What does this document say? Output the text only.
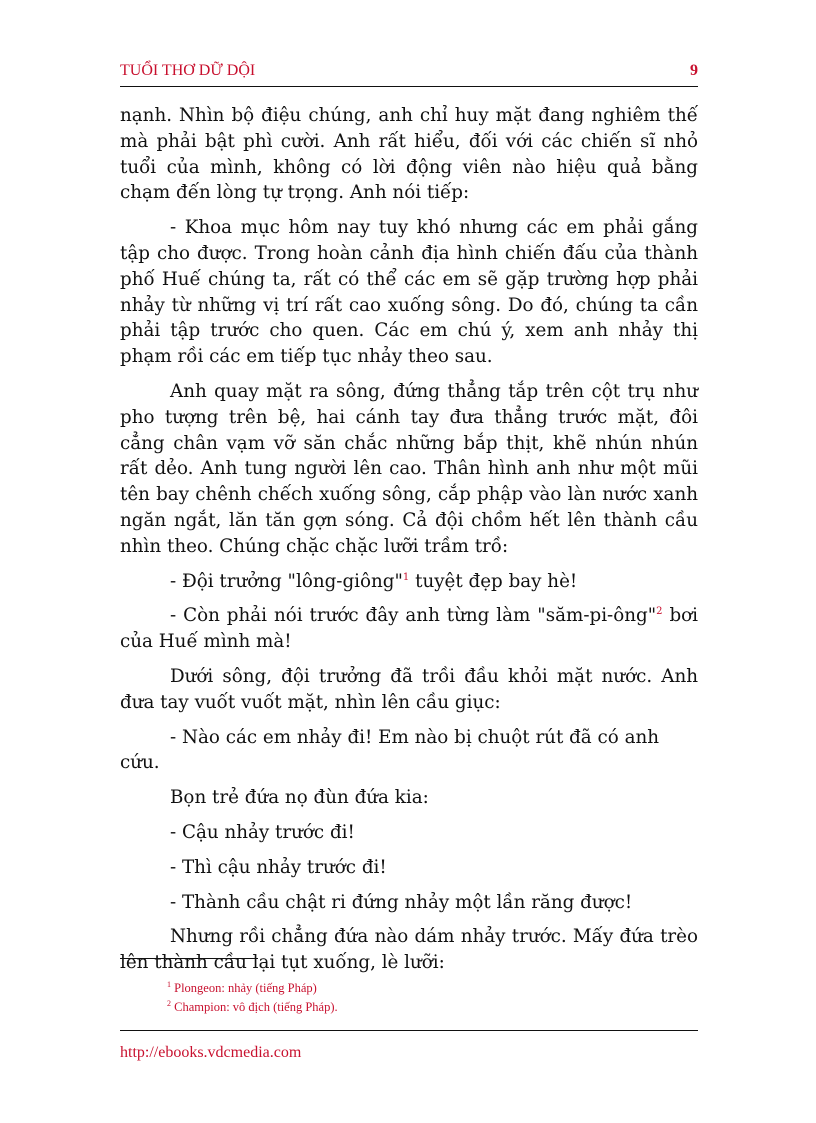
TUỔI THƠ DỮ DỘI	9

nạnh. Nhìn bộ điệu chúng, anh chỉ huy mặt đang nghiêm thế mà phải bật phì cười. Anh rất hiểu, đối với các chiến sĩ nhỏ tuổi của mình, không có lời động viên nào hiệu quả bằng chạm đến lòng tự trọng. Anh nói tiếp:

- Khoa mục hôm nay tuy khó nhưng các em phải gắng tập cho được. Trong hoàn cảnh địa hình chiến đấu của thành phố Huế chúng ta, rất có thể các em sẽ gặp trường hợp phải nhảy từ những vị trí rất cao xuống sông. Do đó, chúng ta cần phải tập trước cho quen. Các em chú ý, xem anh nhảy thị phạm rồi các em tiếp tục nhảy theo sau.

Anh quay mặt ra sông, đứng thẳng tắp trên cột trụ như pho tượng trên bệ, hai cánh tay đưa thẳng trước mặt, đôi cẳng chân vạm vỡ săn chắc những bắp thịt, khẽ nhún nhún rất dẻo. Anh tung người lên cao. Thân hình anh như một mũi tên bay chênh chếch xuống sông, cắp phập vào làn nước xanh ngăn ngắt, lăn tăn gợn sóng. Cả đội chồm hết lên thành cầu nhìn theo. Chúng chặc chặc lưỡi trầm trồ:

- Đội trưởng "lông-giông"$^1$ tuyệt đẹp bay hè!

- Còn phải nói trước đây anh từng làm "săm-pi-ông"$^2$ bơi của Huế mình mà!

Dưới sông, đội trưởng đã trồi đầu khỏi mặt nước. Anh đưa tay vuốt vuốt mặt, nhìn lên cầu giục:

- Nào các em nhảy đi! Em nào bị chuột rút đã có anh cứu.

Bọn trẻ đứa nọ đùn đứa kia:

- Cậu nhảy trước đi!

- Thì cậu nhảy trước đi!

- Thành cầu chật ri đứng nhảy một lần răng được!

Nhưng rồi chẳng đứa nào dám nhảy trước. Mấy đứa trèo lên thành cầu lại tụt xuống, lè lưỡi:

$^1$ Plongeon: nhảy (tiếng Pháp)
$^2$ Champion: vô địch (tiếng Pháp).
http://ebooks.vdcmedia.com
